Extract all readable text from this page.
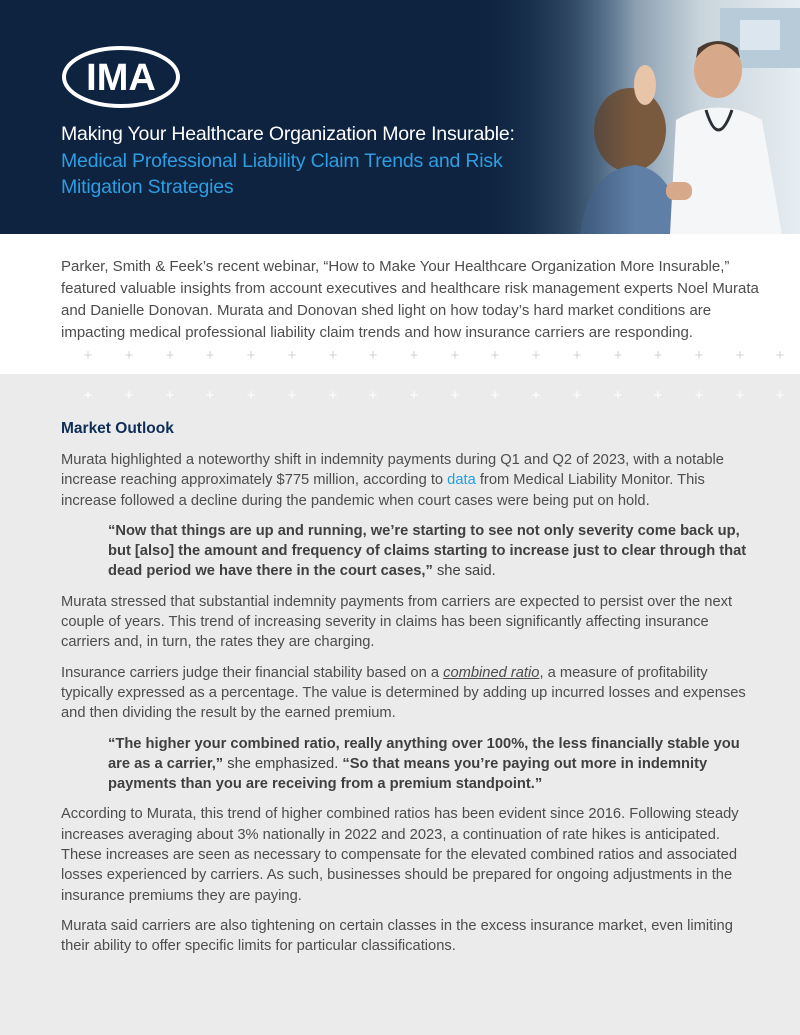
IMA
Making Your Healthcare Organization More Insurable:
Medical Professional Liability Claim Trends and Risk Mitigation Strategies

Parker, Smith & Feek’s recent webinar, “How to Make Your Healthcare Organization More Insurable,” featured valuable insights from account executives and healthcare risk management experts Noel Murata and Danielle Donovan. Murata and Donovan shed light on how today’s hard market conditions are impacting medical professional liability claim trends and how insurance carriers are responding.

+ + + + + + + + + + + + + + + + + +
+ + + + + + + + + + + + + + + + + +
Market Outlook

Murata highlighted a noteworthy shift in indemnity payments during Q1 and Q2 of 2023, with a notable increase reaching approximately $775 million, according to data from Medical Liability Monitor. This increase followed a decline during the pandemic when court cases were being put on hold.

“Now that things are up and running, we’re starting to see not only severity come back up, but [also] the amount and frequency of claims starting to increase just to clear through that dead period we have there in the court cases,” she said.

Murata stressed that substantial indemnity payments from carriers are expected to persist over the next couple of years. This trend of increasing severity in claims has been significantly affecting insurance carriers and, in turn, the rates they are charging.

Insurance carriers judge their financial stability based on a combined ratio, a measure of profitability typically expressed as a percentage. The value is determined by adding up incurred losses and expenses and then dividing the result by the earned premium.

“The higher your combined ratio, really anything over 100%, the less financially stable you are as a carrier,” she emphasized. “So that means you’re paying out more in indemnity payments than you are receiving from a premium standpoint.”

According to Murata, this trend of higher combined ratios has been evident since 2016. Following steady increases averaging about 3% nationally in 2022 and 2023, a continuation of rate hikes is anticipated. These increases are seen as necessary to compensate for the elevated combined ratios and associated losses experienced by carriers. As such, businesses should be prepared for ongoing adjustments in the insurance premiums they are paying.

Murata said carriers are also tightening on certain classes in the excess insurance market, even limiting their ability to offer specific limits for particular classifications.
